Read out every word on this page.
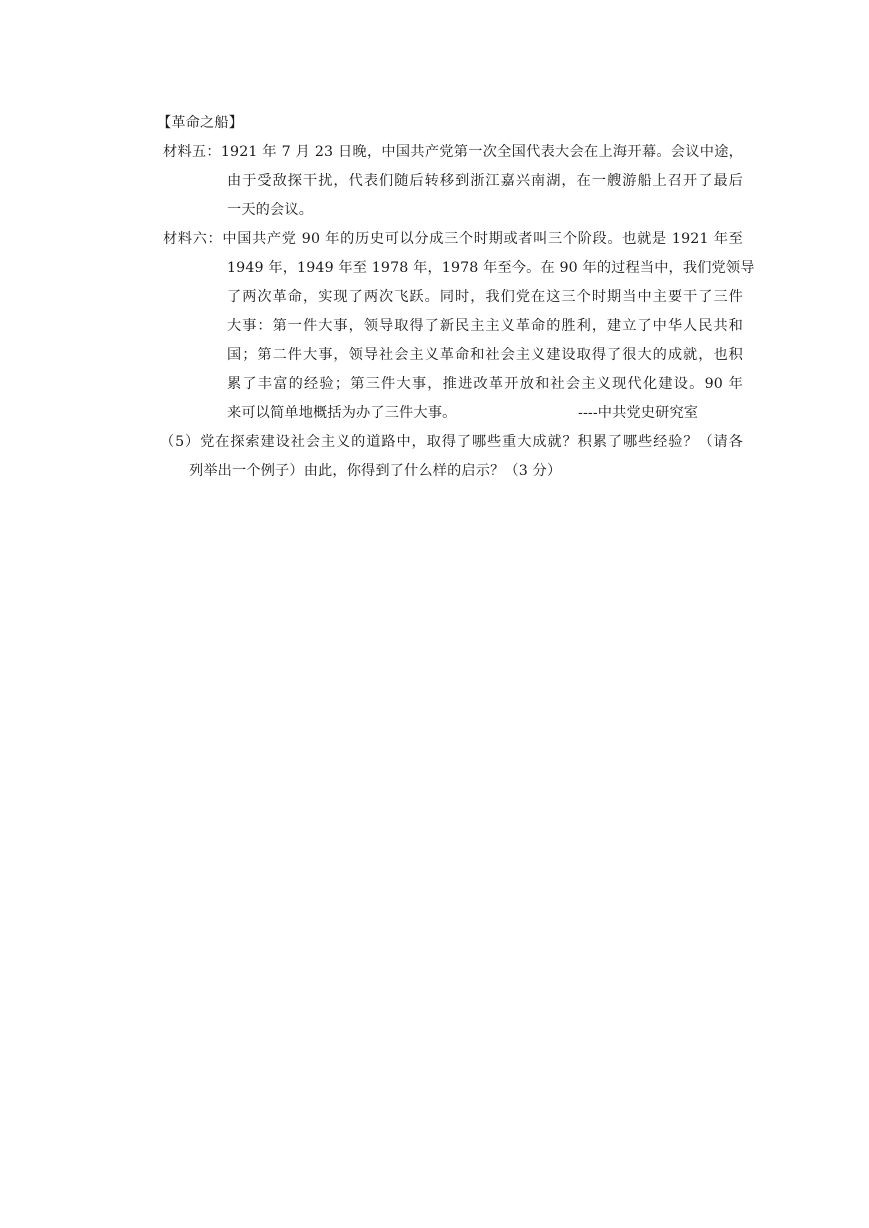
【革命之船】
材料五：1921 年 7 月 23 日晚，中国共产党第一次全国代表大会在上海开幕。会议中途，
由于受敌探干扰，代表们随后转移到浙江嘉兴南湖，在一艘游船上召开了最后
一天的会议。
材料六：中国共产党 90 年的历史可以分成三个时期或者叫三个阶段。也就是 1921 年至
1949 年，1949 年至 1978 年，1978 年至今。在 90 年的过程当中，我们党领导
了两次革命，实现了两次飞跃。同时，我们党在这三个时期当中主要干了三件
大事：第一件大事，领导取得了新民主主义革命的胜利，建立了中华人民共和
国；第二件大事，领导社会主义革命和社会主义建设取得了很大的成就，也积
累了丰富的经验；第三件大事，推进改革开放和社会主义现代化建设。90 年
来可以简单地概括为办了三件大事。	----中共党史研究室
（5）党在探索建设社会主义的道路中，取得了哪些重大成就？积累了哪些经验？（请各
列举出一个例子）由此，你得到了什么样的启示？（3 分）
